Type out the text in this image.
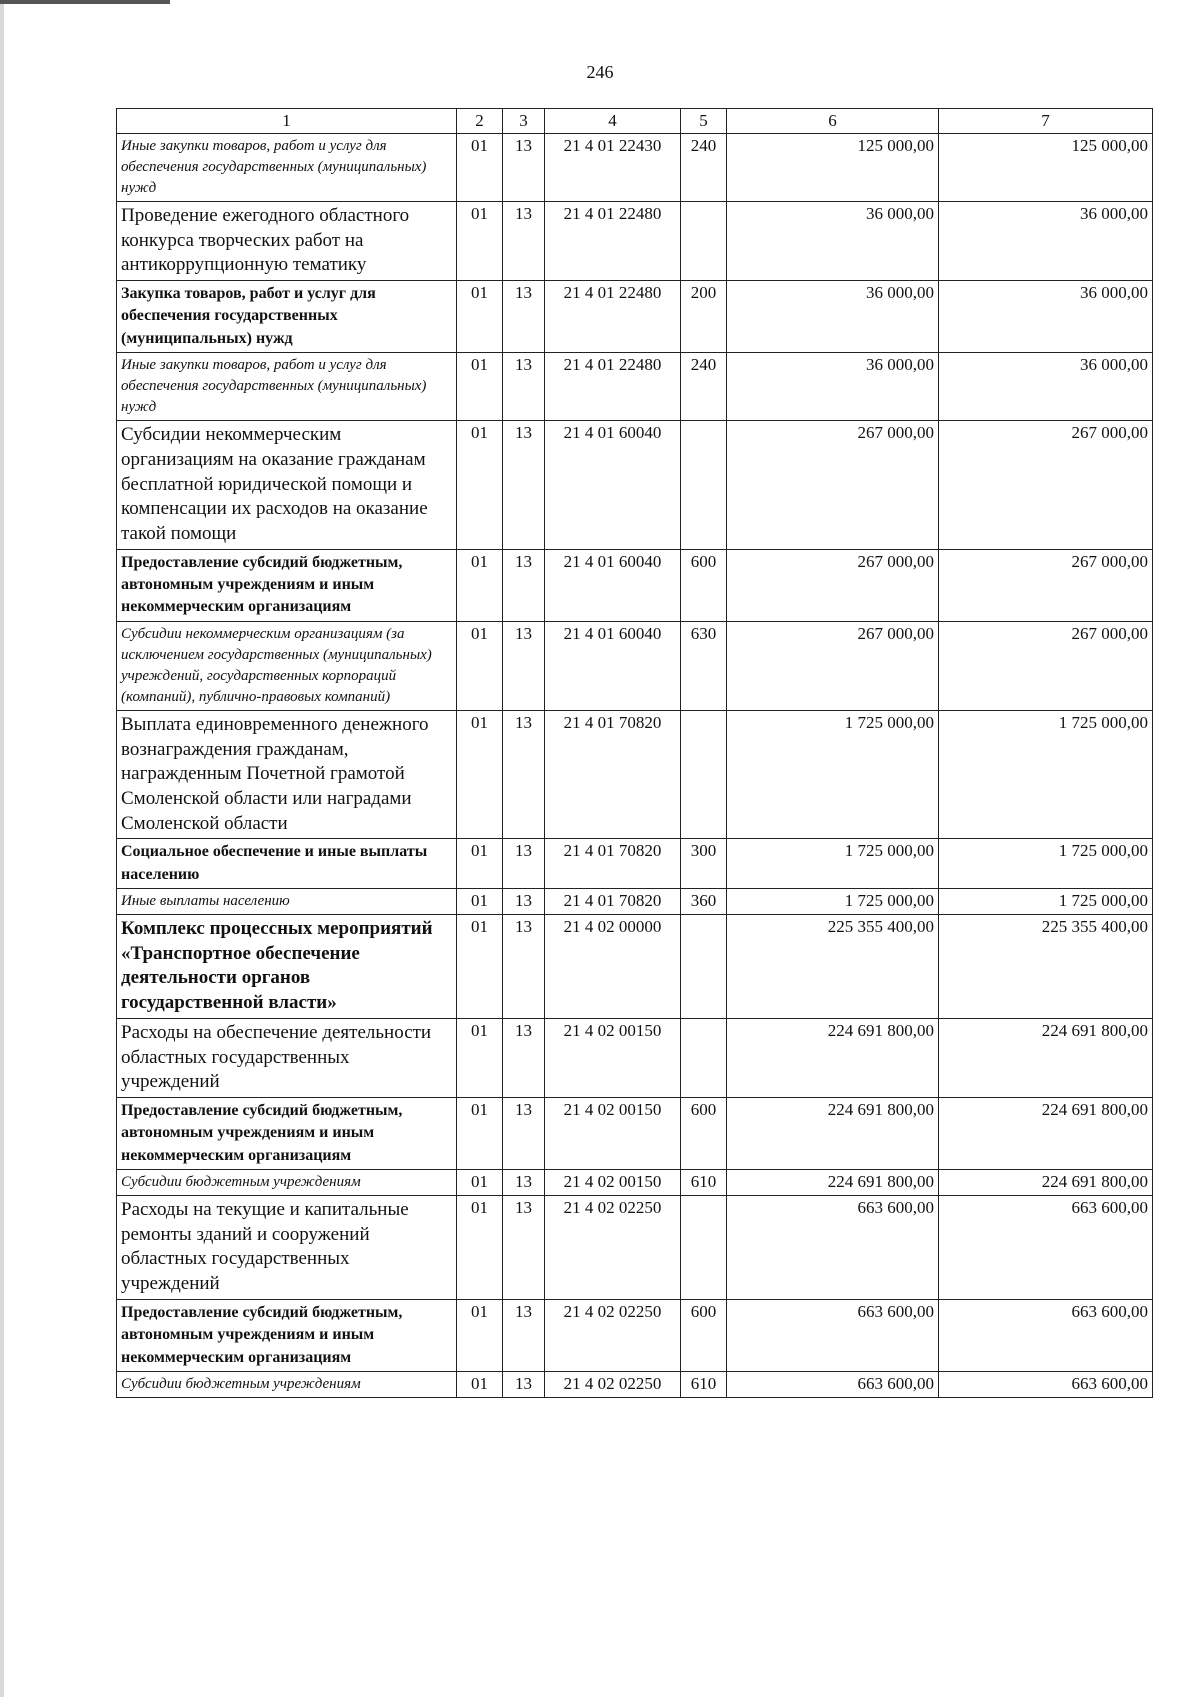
246
1	2	3	4	5	6	7
Иные закупки товаров, работ и услуг для обеспечения государственных (муниципальных) нужд	01	13	21 4 01 22430	240	125 000,00	125 000,00
Проведение ежегодного областного конкурса творческих работ на антикоррупционную тематику	01	13	21 4 01 22480		36 000,00	36 000,00
Закупка товаров, работ и услуг для обеспечения государственных (муниципальных) нужд	01	13	21 4 01 22480	200	36 000,00	36 000,00
Иные закупки товаров, работ и услуг для обеспечения государственных (муниципальных) нужд	01	13	21 4 01 22480	240	36 000,00	36 000,00
Субсидии некоммерческим организациям на оказание гражданам бесплатной юридической помощи и компенсации их расходов на оказание такой помощи	01	13	21 4 01 60040		267 000,00	267 000,00
Предоставление субсидий бюджетным, автономным учреждениям и иным некоммерческим организациям	01	13	21 4 01 60040	600	267 000,00	267 000,00
Субсидии некоммерческим организациям (за исключением государственных (муниципальных) учреждений, государственных корпораций (компаний), публично-правовых компаний)	01	13	21 4 01 60040	630	267 000,00	267 000,00
Выплата единовременного денежного вознаграждения гражданам, награжденным Почетной грамотой Смоленской области или наградами Смоленской области	01	13	21 4 01 70820		1 725 000,00	1 725 000,00
Социальное обеспечение и иные выплаты населению	01	13	21 4 01 70820	300	1 725 000,00	1 725 000,00
Иные выплаты населению	01	13	21 4 01 70820	360	1 725 000,00	1 725 000,00
Комплекс процессных мероприятий «Транспортное обеспечение деятельности органов государственной власти»	01	13	21 4 02 00000		225 355 400,00	225 355 400,00
Расходы на обеспечение деятельности областных государственных учреждений	01	13	21 4 02 00150		224 691 800,00	224 691 800,00
Предоставление субсидий бюджетным, автономным учреждениям и иным некоммерческим организациям	01	13	21 4 02 00150	600	224 691 800,00	224 691 800,00
Субсидии бюджетным учреждениям	01	13	21 4 02 00150	610	224 691 800,00	224 691 800,00
Расходы на текущие и капитальные ремонты зданий и сооружений областных государственных учреждений	01	13	21 4 02 02250		663 600,00	663 600,00
Предоставление субсидий бюджетным, автономным учреждениям и иным некоммерческим организациям	01	13	21 4 02 02250	600	663 600,00	663 600,00
Субсидии бюджетным учреждениям	01	13	21 4 02 02250	610	663 600,00	663 600,00
